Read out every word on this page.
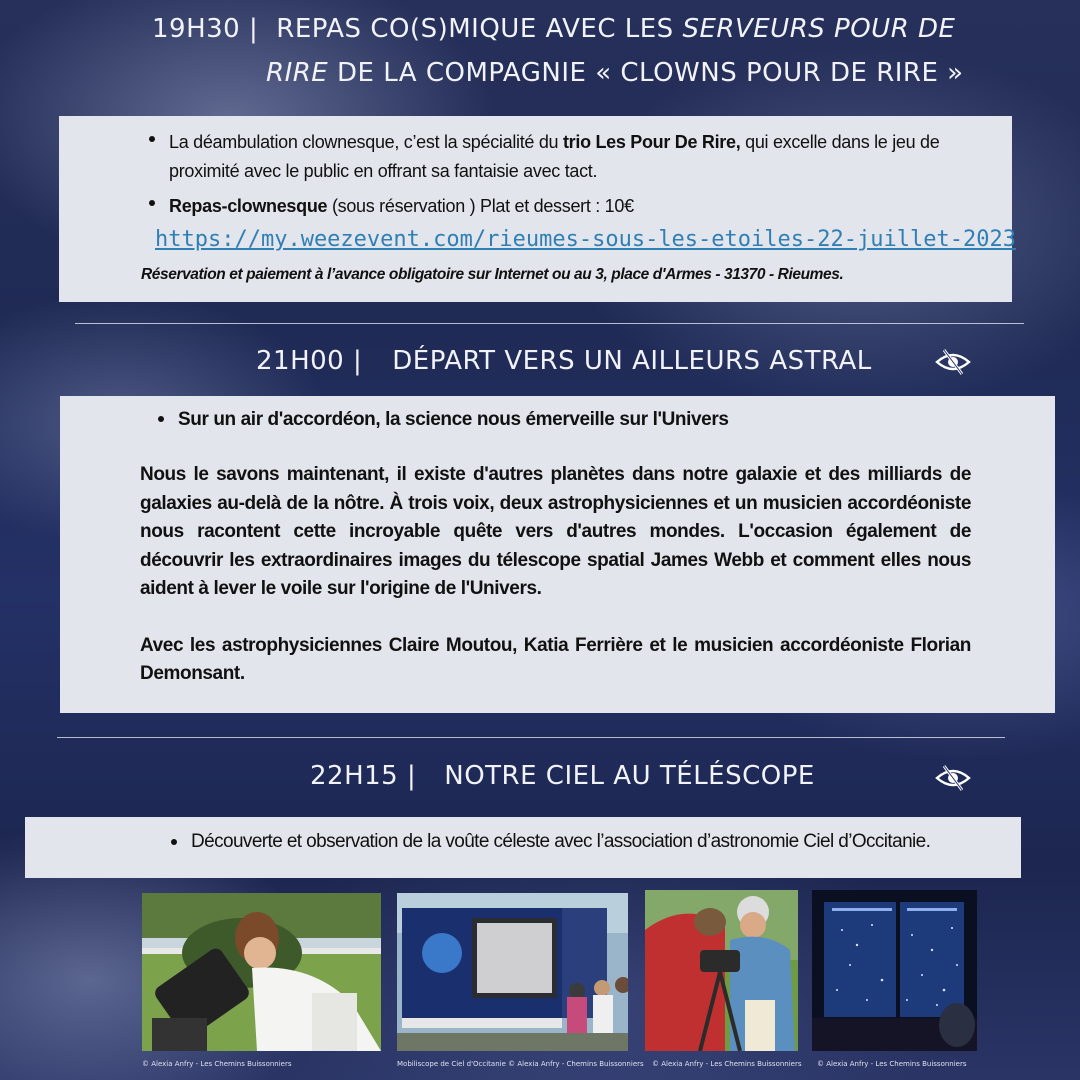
19H30 | REPAS CO(S)MIQUE AVEC LES SERVEURS POUR DE
RIRE DE LA COMPAGNIE « CLOWNS POUR DE RIRE »
La déambulation clownesque, c’est la spécialité du trio Les Pour De Rire, qui excelle dans le jeu de proximité avec le public en offrant sa fantaisie avec tact.
Repas-clownesque (sous réservation ) Plat et dessert : 10€
https://my.weezevent.com/rieumes-sous-les-etoiles-22-juillet-2023
Réservation et paiement à l’avance obligatoire sur Internet ou au 3, place d'Armes - 31370 - Rieumes.
21H00 | DÉPART VERS UN AILLEURS ASTRAL
Sur un air d'accordéon, la science nous émerveille sur l'Univers

Nous le savons maintenant, il existe d'autres planètes dans notre galaxie et des milliards de galaxies au-delà de la nôtre. À trois voix, deux astrophysiciennes et un musicien accordéoniste nous racontent cette incroyable quête vers d'autres mondes. L'occasion également de découvrir les extraordinaires images du télescope spatial James Webb et comment elles nous aident à lever le voile sur l'origine de l'Univers.

Avec les astrophysiciennes Claire Moutou, Katia Ferrière et le musicien accordéoniste Florian Demonsant.

22H15 | NOTRE CIEL AU TÉLÉSCOPE
Découverte et observation de la voûte céleste avec l’association d’astronomie Ciel d’Occitanie.
© Alexia Anfry - Les Chemins Buissonniers	Mobiliscope de Ciel d'Occitanie © Alexia Anfry - Chemins Buissonniers © Alexia Anfry - Les Chemins Buissonniers © Alexia Anfry - Les Chemins Buissonniers
